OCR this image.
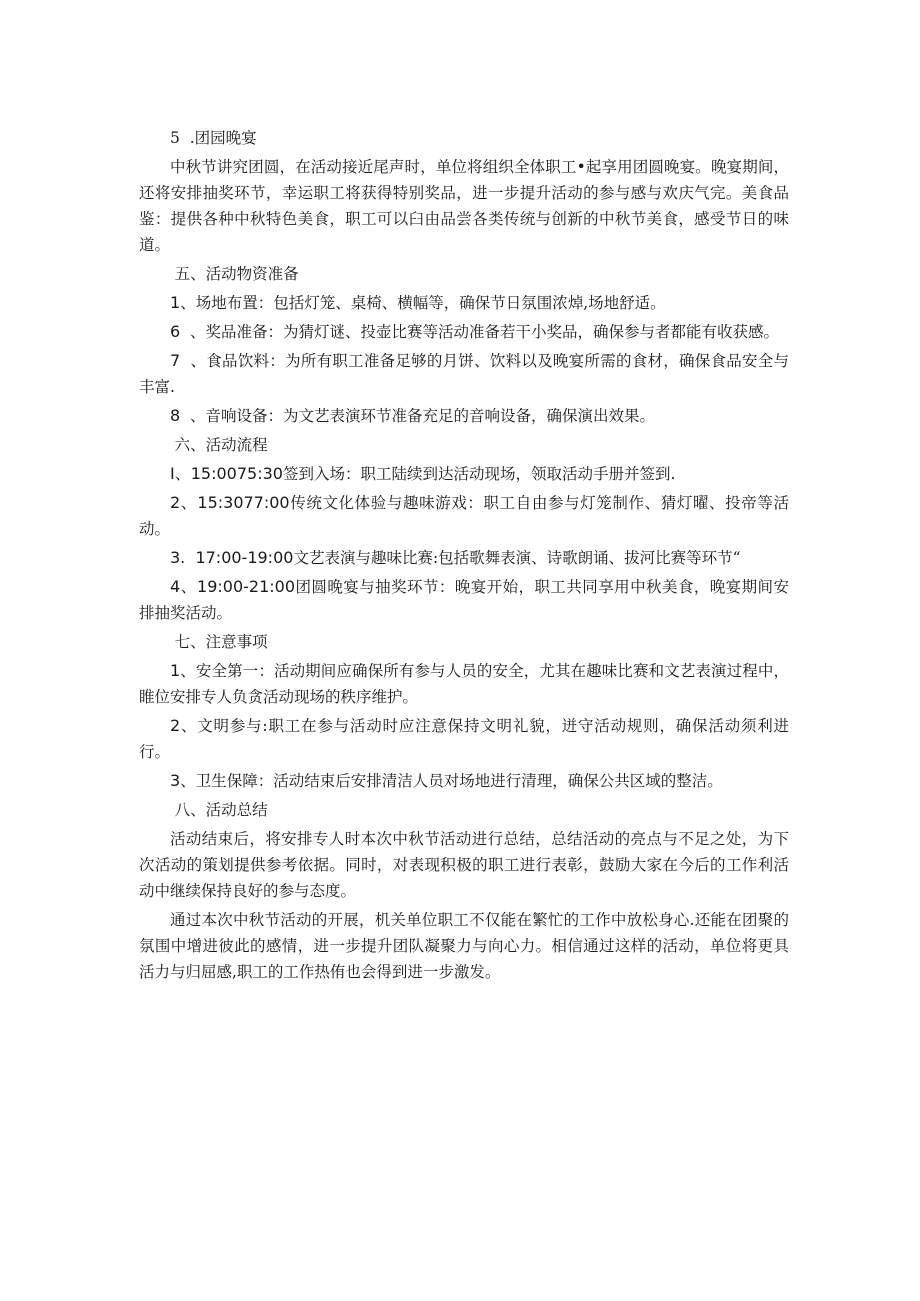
5  .团园晚宴

中秋节讲究团圆，在活动接近尾声时，单位将组织全体职工•起享用团圆晚宴。晚宴期间，还将安排抽奖环节，幸运职工将获得特别奖品，进一步提升活动的参与感与欢庆气完。美食品鉴：提供各种中秋特色美食，职工可以臼由品尝各类传统与创新的中秋节美食，感受节日的味道。

五、活动物资准备

1、场地布置：包括灯笼、桌椅、横幅等，确保节日氛围浓焯,场地舒适。

6  、奖品准备：为猜灯谜、投壶比赛等活动准备若干小奖品，确保参与者都能有收获感。

7  、食品饮料：为所有职工准备足够的月饼、饮料以及晚宴所需的食材，确保食品安全与丰富.

8  、音响设备：为文艺表演环节准备充足的音响设备，确保演出效果。

六、活动流程

I、15:0075:30签到入场：职工陆续到达活动现场，领取活动手册并签到.

2、15:3077:00传统文化体验与趣味游戏：职工自由参与灯笼制作、猜灯曜、投帝等活动。

3.  17:00-19:00文艺表演与趣味比赛:包括歌舞表演、诗歌朗诵、拔河比赛等环节“

4、19:00-21:00团圆晚宴与抽奖环节：晚宴开始，职工共同享用中秋美食，晚宴期间安排抽奖活动。

七、注意事项

1、安全第一：活动期间应确保所有参与人员的安全，尤其在趣味比赛和文艺表演过程中，睢位安排专人负贪活动现场的秩序维护。

2、文明参与:职工在参与活动时应注意保持文明礼貌，迸守活动规则，确保活动须利进行。

3、卫生保障：活动结束后安排清洁人员对场地进行清理，确保公共区域的整洁。

八、活动总结

活动结束后，将安排专人时本次中秋节活动进行总结，总结活动的亮点与不足之处，为下次活动的策划提供参考依据。同时，对表现积极的职工进行表彰，鼓励大家在今后的工作利活动中继续保持良好的参与态度。

通过本次中秋节活动的开展，机关单位职工不仅能在繁忙的工作中放松身心.还能在团聚的氛围中增进彼此的感情，进一步提升团队凝聚力与向心力。相信通过这样的活动，单位将更具活力与归屈感,职工的工作热侑也会得到进一步激发。
